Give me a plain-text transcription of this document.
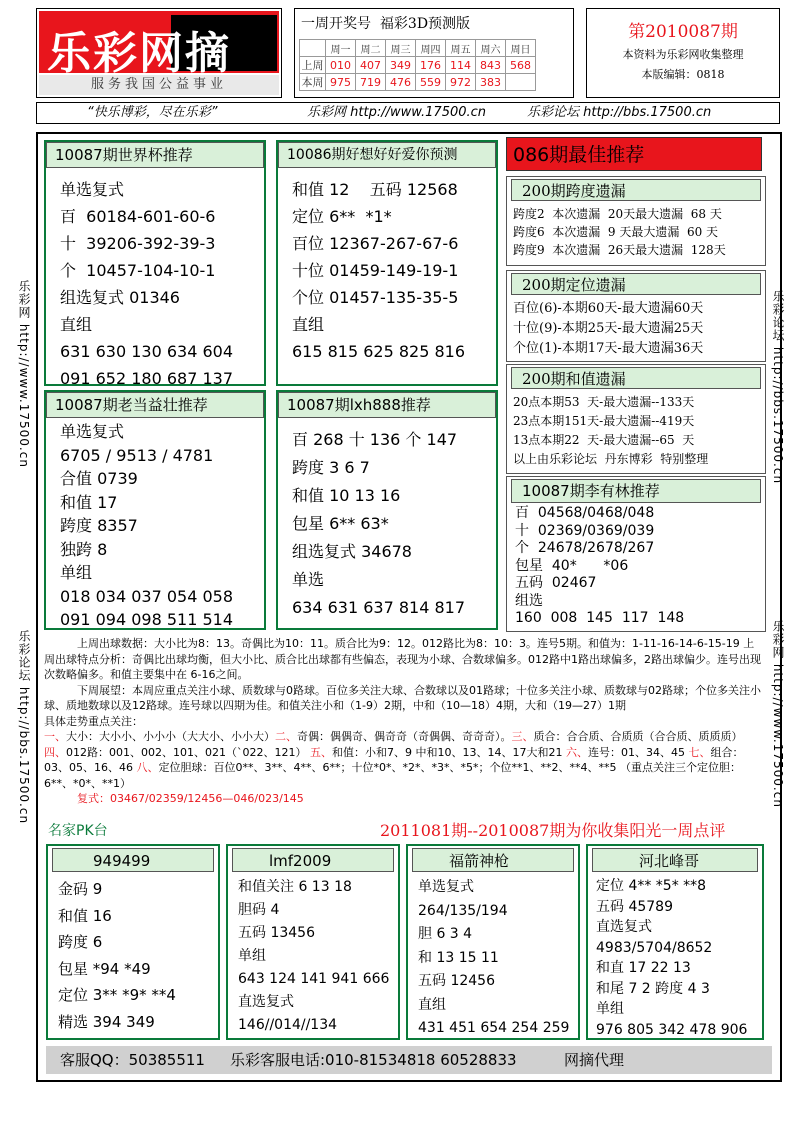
乐彩网摘
服务我国公益事业
一周开奖号 福彩3D预测版
	周一	周二	周三	周四	周五	周六	周日
上周	010	407	349	176	114	843	568
本周	975	719	476	559	972	383	
第2010087期
本资料为乐彩网收集整理
本版编辑：0818
“快乐博彩，尽在乐彩”	乐彩网 http://www.17500.cn	乐彩论坛 http://bbs.17500.cn
乐彩网 http://www.17500.cn
乐彩论坛 http://bbs.17500.cn
乐彩论坛 http://bbs.17500.cn
乐彩网 http://www.17500.cn
10087期世界杯推荐
单选复式
百  60184-601-60-6
十  39206-392-39-3
个  10457-104-10-1
组选复式 01346
直组
631 630 130 634 604
091 652 180 687 137
10086期好想好好爱你预测
和值 12    五码 12568
定位 6**  *1*
百位 12367-267-67-6
十位 01459-149-19-1
个位 01457-135-35-5
直组
615 815 625 825 816
10087期老当益壮推荐
单选复式
6705 / 9513 / 4781
合值 0739
和值 17
跨度 8357
独跨 8
单组
018 034 037 054 058
091 094 098 511 514
10087期lxh888推荐
百 268 十 136 个 147
跨度 3 6 7
和值 10 13 16
包星 6** 63*
组选复式 34678
单选
634 631 637 814 817
086期最佳推荐
200期跨度遗漏
跨度2  本次遗漏  20天最大遗漏  68 天
跨度6  本次遗漏  9 天最大遗漏  60 天
跨度9  本次遗漏  26天最大遗漏  128天
200期定位遗漏
百位(6)-本期60天-最大遗漏60天
十位(9)-本期25天-最大遗漏25天
个位(1)-本期17天-最大遗漏36天
200期和值遗漏
20点本期53  天-最大遗漏--133天
23点本期151天-最大遗漏--419天
13点本期22  天-最大遗漏--65  天
以上由乐彩论坛  丹东博彩  特别整理
10087期李有林推荐
百  04568/0468/048
十  02369/0369/039
个  24678/2678/267
包星  40*      *06
五码  02467
组选
160  008  145  117  148

上周出球数据：大小比为8：13。奇偶比为10：11。质合比为9：12。012路比为8：10：3。连号5期。和值为：1-11-16-14-6-15-19 上周出球特点分析：奇偶比出球均衡，但大小比、质合比出球都有些偏态，表现为小球、合数球偏多。012路中1路出球偏多，2路出球偏少。连号出现次数略偏多。和值主要集中在 6-16之间。

下周展望：本周应重点关注小球、质数球与0路球。百位多关注大球、合数球以及01路球；十位多关注小球、质数球与02路球；个位多关注小球、质地数球以及12路球。连号球以四期为佳。和值关注小和（1-9）2期，中和（10—18）4期，大和（19—27）1期

具体走势重点关注：

一、大小：大小小、小小小（大大小、小小大）二、奇偶：偶偶奇、偶奇奇（奇偶偶、奇奇奇）。三、质合：合合质、合质质（合合质、质质质） 四、012路：001、002、101、021（`022、121） 五、和值：小和7、9 中和10、13、14、17大和21 六、连号：01、34、45 七、组合：03、05、16、46 八、定位胆球：百位0**、3**、4**、6**；十位*0*、*2*、*3*、*5*；个位**1、**2、**4、**5 （重点关注三个定位胆：6**、*0*、**1）

复式：03467/02359/12456—046/023/145

名家PK台	2011081期--2010087期为你收集阳光一周点评
949499
金码 9
和值 16
跨度 6
包星 *94 *49
定位 3** *9* **4
精选 394 349
lmf2009
和值关注 6 13 18
胆码 4
五码 13456
单组
643 124 141 941 666
直选复式
146//014//134
福箭神枪
单选复式
264/135/194
胆 6 3 4
和 13 15 11
五码 12456
直组
431 451 654 254 259
河北峰哥
定位 4** *5* **8
五码 45789
直选复式
4983/5704/8652
和直 17 22 13
和尾 7 2 跨度 4 3
单组
976 805 342 478 906
客服QQ：50385511 乐彩客服电话:010-81534818 60528833	网摘代理
